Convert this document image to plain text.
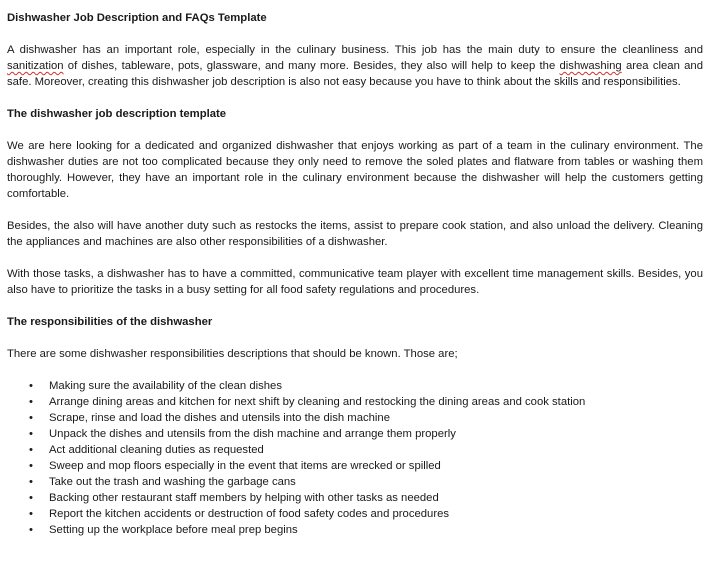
Dishwasher Job Description and FAQs Template

A dishwasher has an important role, especially in the culinary business. This job has the main duty to ensure the cleanliness and sanitization of dishes, tableware, pots, glassware, and many more. Besides, they also will help to keep the dishwashing area clean and safe. Moreover, creating this dishwasher job description is also not easy because you have to think about the skills and responsibilities.

The dishwasher job description template

We are here looking for a dedicated and organized dishwasher that enjoys working as part of a team in the culinary environment. The dishwasher duties are not too complicated because they only need to remove the soled plates and flatware from tables or washing them thoroughly. However, they have an important role in the culinary environment because the dishwasher will help the customers getting comfortable.

Besides, the also will have another duty such as restocks the items, assist to prepare cook station, and also unload the delivery. Cleaning the appliances and machines are also other responsibilities of a dishwasher.

With those tasks, a dishwasher has to have a committed, communicative team player with excellent time management skills. Besides, you also have to prioritize the tasks in a busy setting for all food safety regulations and procedures.

The responsibilities of the dishwasher

There are some dishwasher responsibilities descriptions that should be known. Those are;

• Making sure the availability of the clean dishes
• Arrange dining areas and kitchen for next shift by cleaning and restocking the dining areas and cook station
• Scrape, rinse and load the dishes and utensils into the dish machine
• Unpack the dishes and utensils from the dish machine and arrange them properly
• Act additional cleaning duties as requested
• Sweep and mop floors especially in the event that items are wrecked or spilled
• Take out the trash and washing the garbage cans
• Backing other restaurant staff members by helping with other tasks as needed
• Report the kitchen accidents or destruction of food safety codes and procedures
• Setting up the workplace before meal prep begins
